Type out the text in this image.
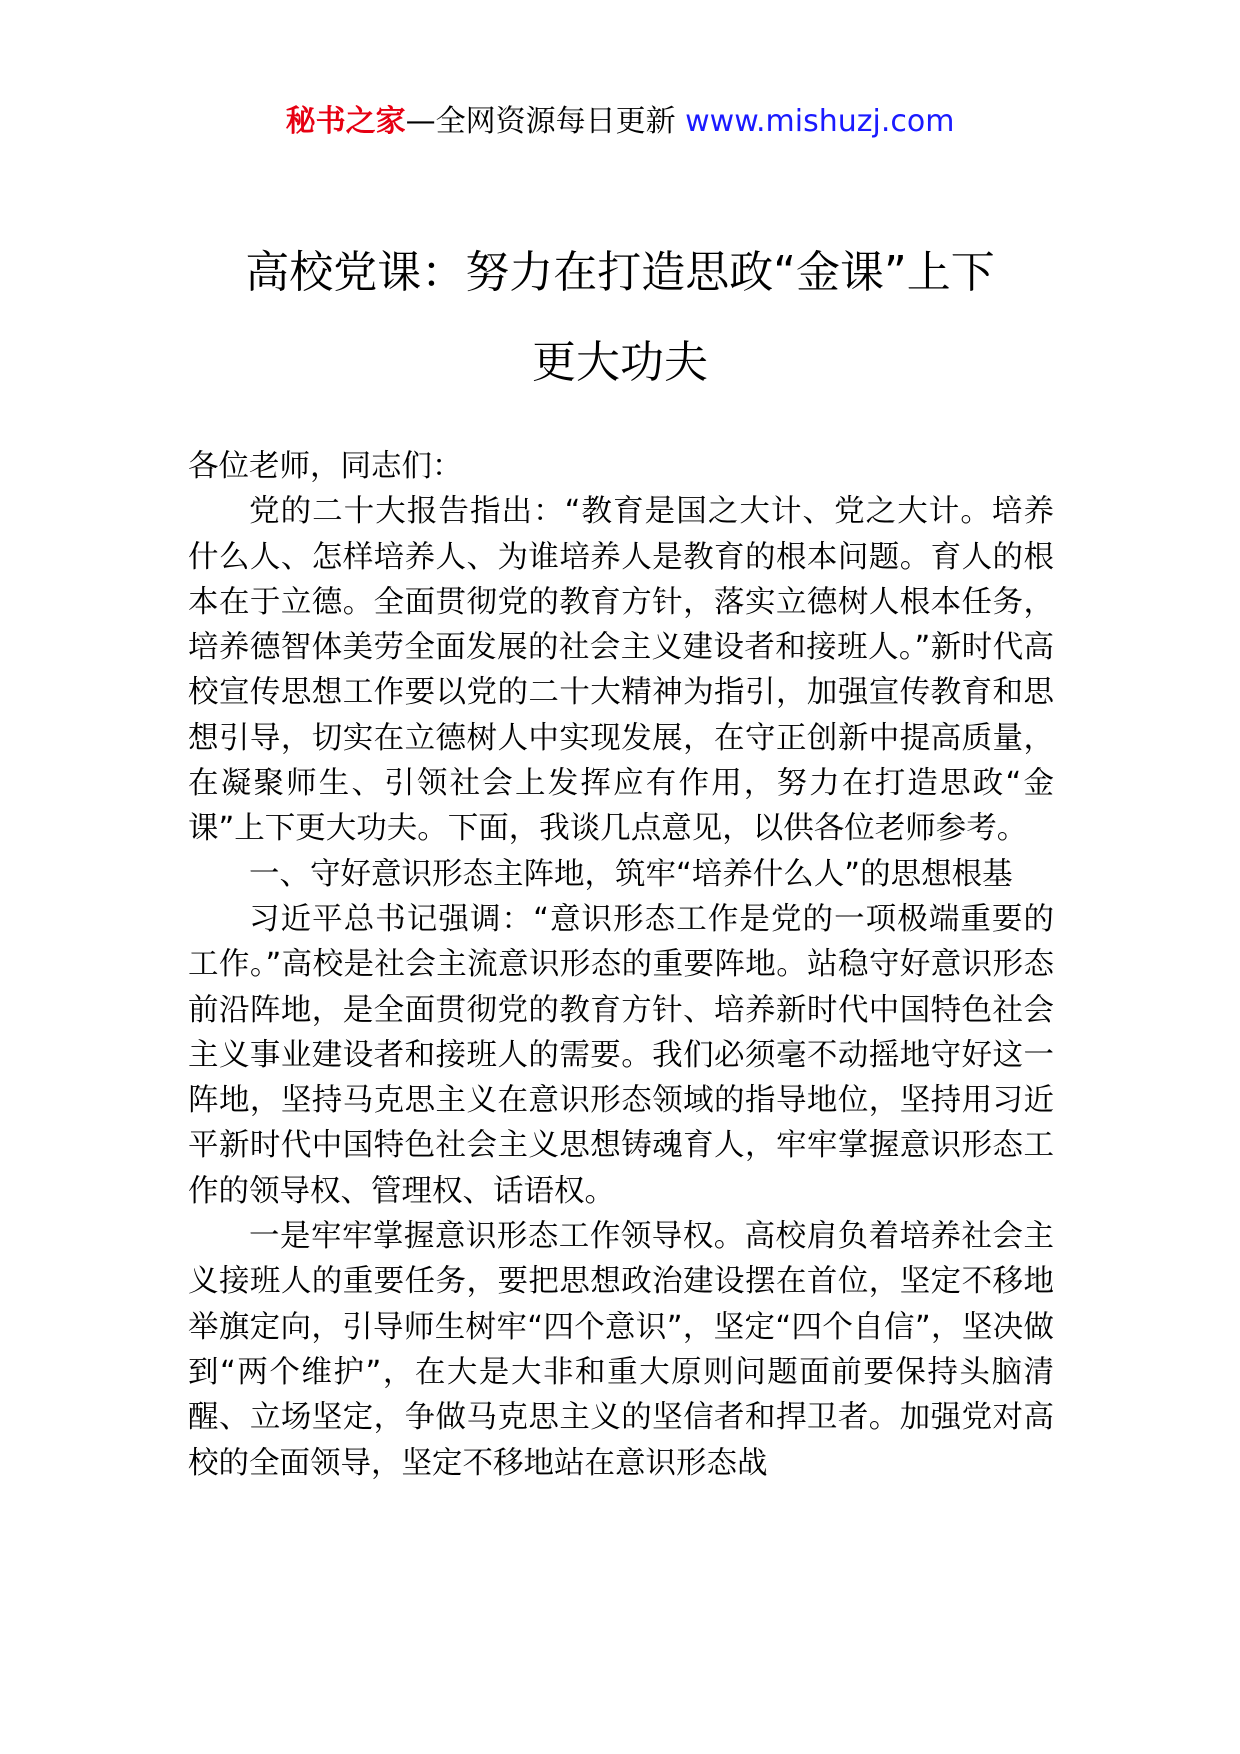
秘书之家—全网资源每日更新 www.mishuzj.com
高校党课：努力在打造思政“金课”上下
更大功夫

各位老师，同志们：

党的二十大报告指出：“教育是国之大计、党之大计。培养什么人、怎样培养人、为谁培养人是教育的根本问题。育人的根本在于立德。全面贯彻党的教育方针，落实立德树人根本任务，培养德智体美劳全面发展的社会主义建设者和接班人。”新时代高校宣传思想工作要以党的二十大精神为指引，加强宣传教育和思想引导，切实在立德树人中实现发展，在守正创新中提高质量，在凝聚师生、引领社会上发挥应有作用，努力在打造思政“金课”上下更大功夫。下面，我谈几点意见，以供各位老师参考。

一、守好意识形态主阵地，筑牢“培养什么人”的思想根基

习近平总书记强调：“意识形态工作是党的一项极端重要的工作。”高校是社会主流意识形态的重要阵地。站稳守好意识形态前沿阵地，是全面贯彻党的教育方针、培养新时代中国特色社会主义事业建设者和接班人的需要。我们必须毫不动摇地守好这一阵地，坚持马克思主义在意识形态领域的指导地位，坚持用习近平新时代中国特色社会主义思想铸魂育人，牢牢掌握意识形态工作的领导权、管理权、话语权。

一是牢牢掌握意识形态工作领导权。高校肩负着培养社会主义接班人的重要任务，要把思想政治建设摆在首位，坚定不移地举旗定向，引导师生树牢“四个意识”，坚定“四个自信”，坚决做到“两个维护”，在大是大非和重大原则问题面前要保持头脑清醒、立场坚定，争做马克思主义的坚信者和捍卫者。加强党对高校的全面领导，坚定不移地站在意识形态战
